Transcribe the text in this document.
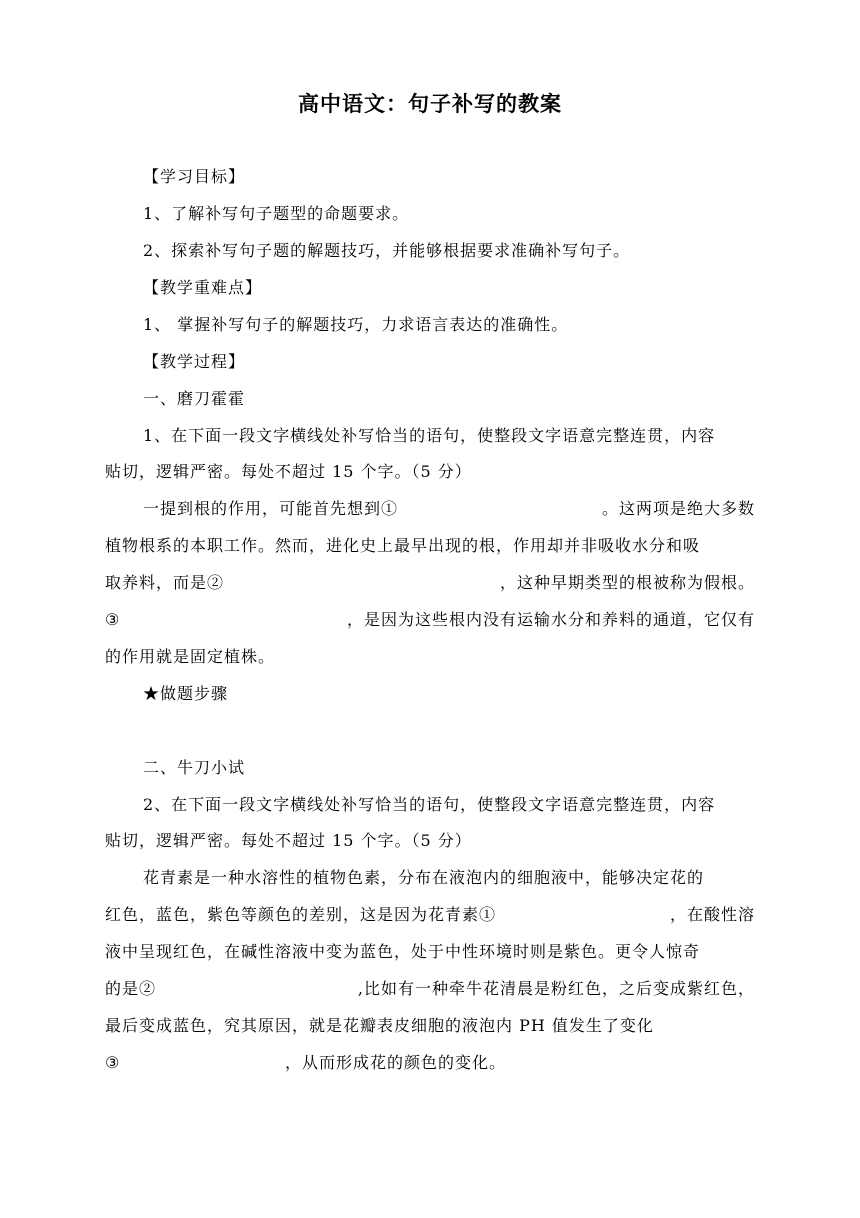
高中语文：句子补写的教案
【学习目标】
1、了解补写句子题型的命题要求。
2、探索补写句子题的解题技巧，并能够根据要求准确补写句子。
【教学重难点】
1、 掌握补写句子的解题技巧，力求语言表达的准确性。
【教学过程】
一、磨刀霍霍
1、在下面一段文字横线处补写恰当的语句，使整段文字语意完整连贯，内容
贴切，逻辑严密。每处不超过 15 个字。（5 分）
一提到根的作用，可能首先想到①	。这两项是绝大多数
植物根系的本职工作。然而，进化史上最早出现的根，作用却并非吸收水分和吸
取养料，而是②	，这种早期类型的根被称为假根。
③	，是因为这些根内没有运输水分和养料的通道，它仅有
的作用就是固定植株。
★做题步骤
二、牛刀小试
2、在下面一段文字横线处补写恰当的语句，使整段文字语意完整连贯，内容
贴切，逻辑严密。每处不超过 15 个字。（5 分）
花青素是一种水溶性的植物色素，分布在液泡内的细胞液中，能够决定花的
红色，蓝色，紫色等颜色的差别，这是因为花青素①	，在酸性溶
液中呈现红色，在碱性溶液中变为蓝色，处于中性环境时则是紫色。更令人惊奇
的是②	,比如有一种牵牛花清晨是粉红色，之后变成紫红色，
最后变成蓝色，究其原因，就是花瓣表皮细胞的液泡内 PH 值发生了变化
③	，从而形成花的颜色的变化。
